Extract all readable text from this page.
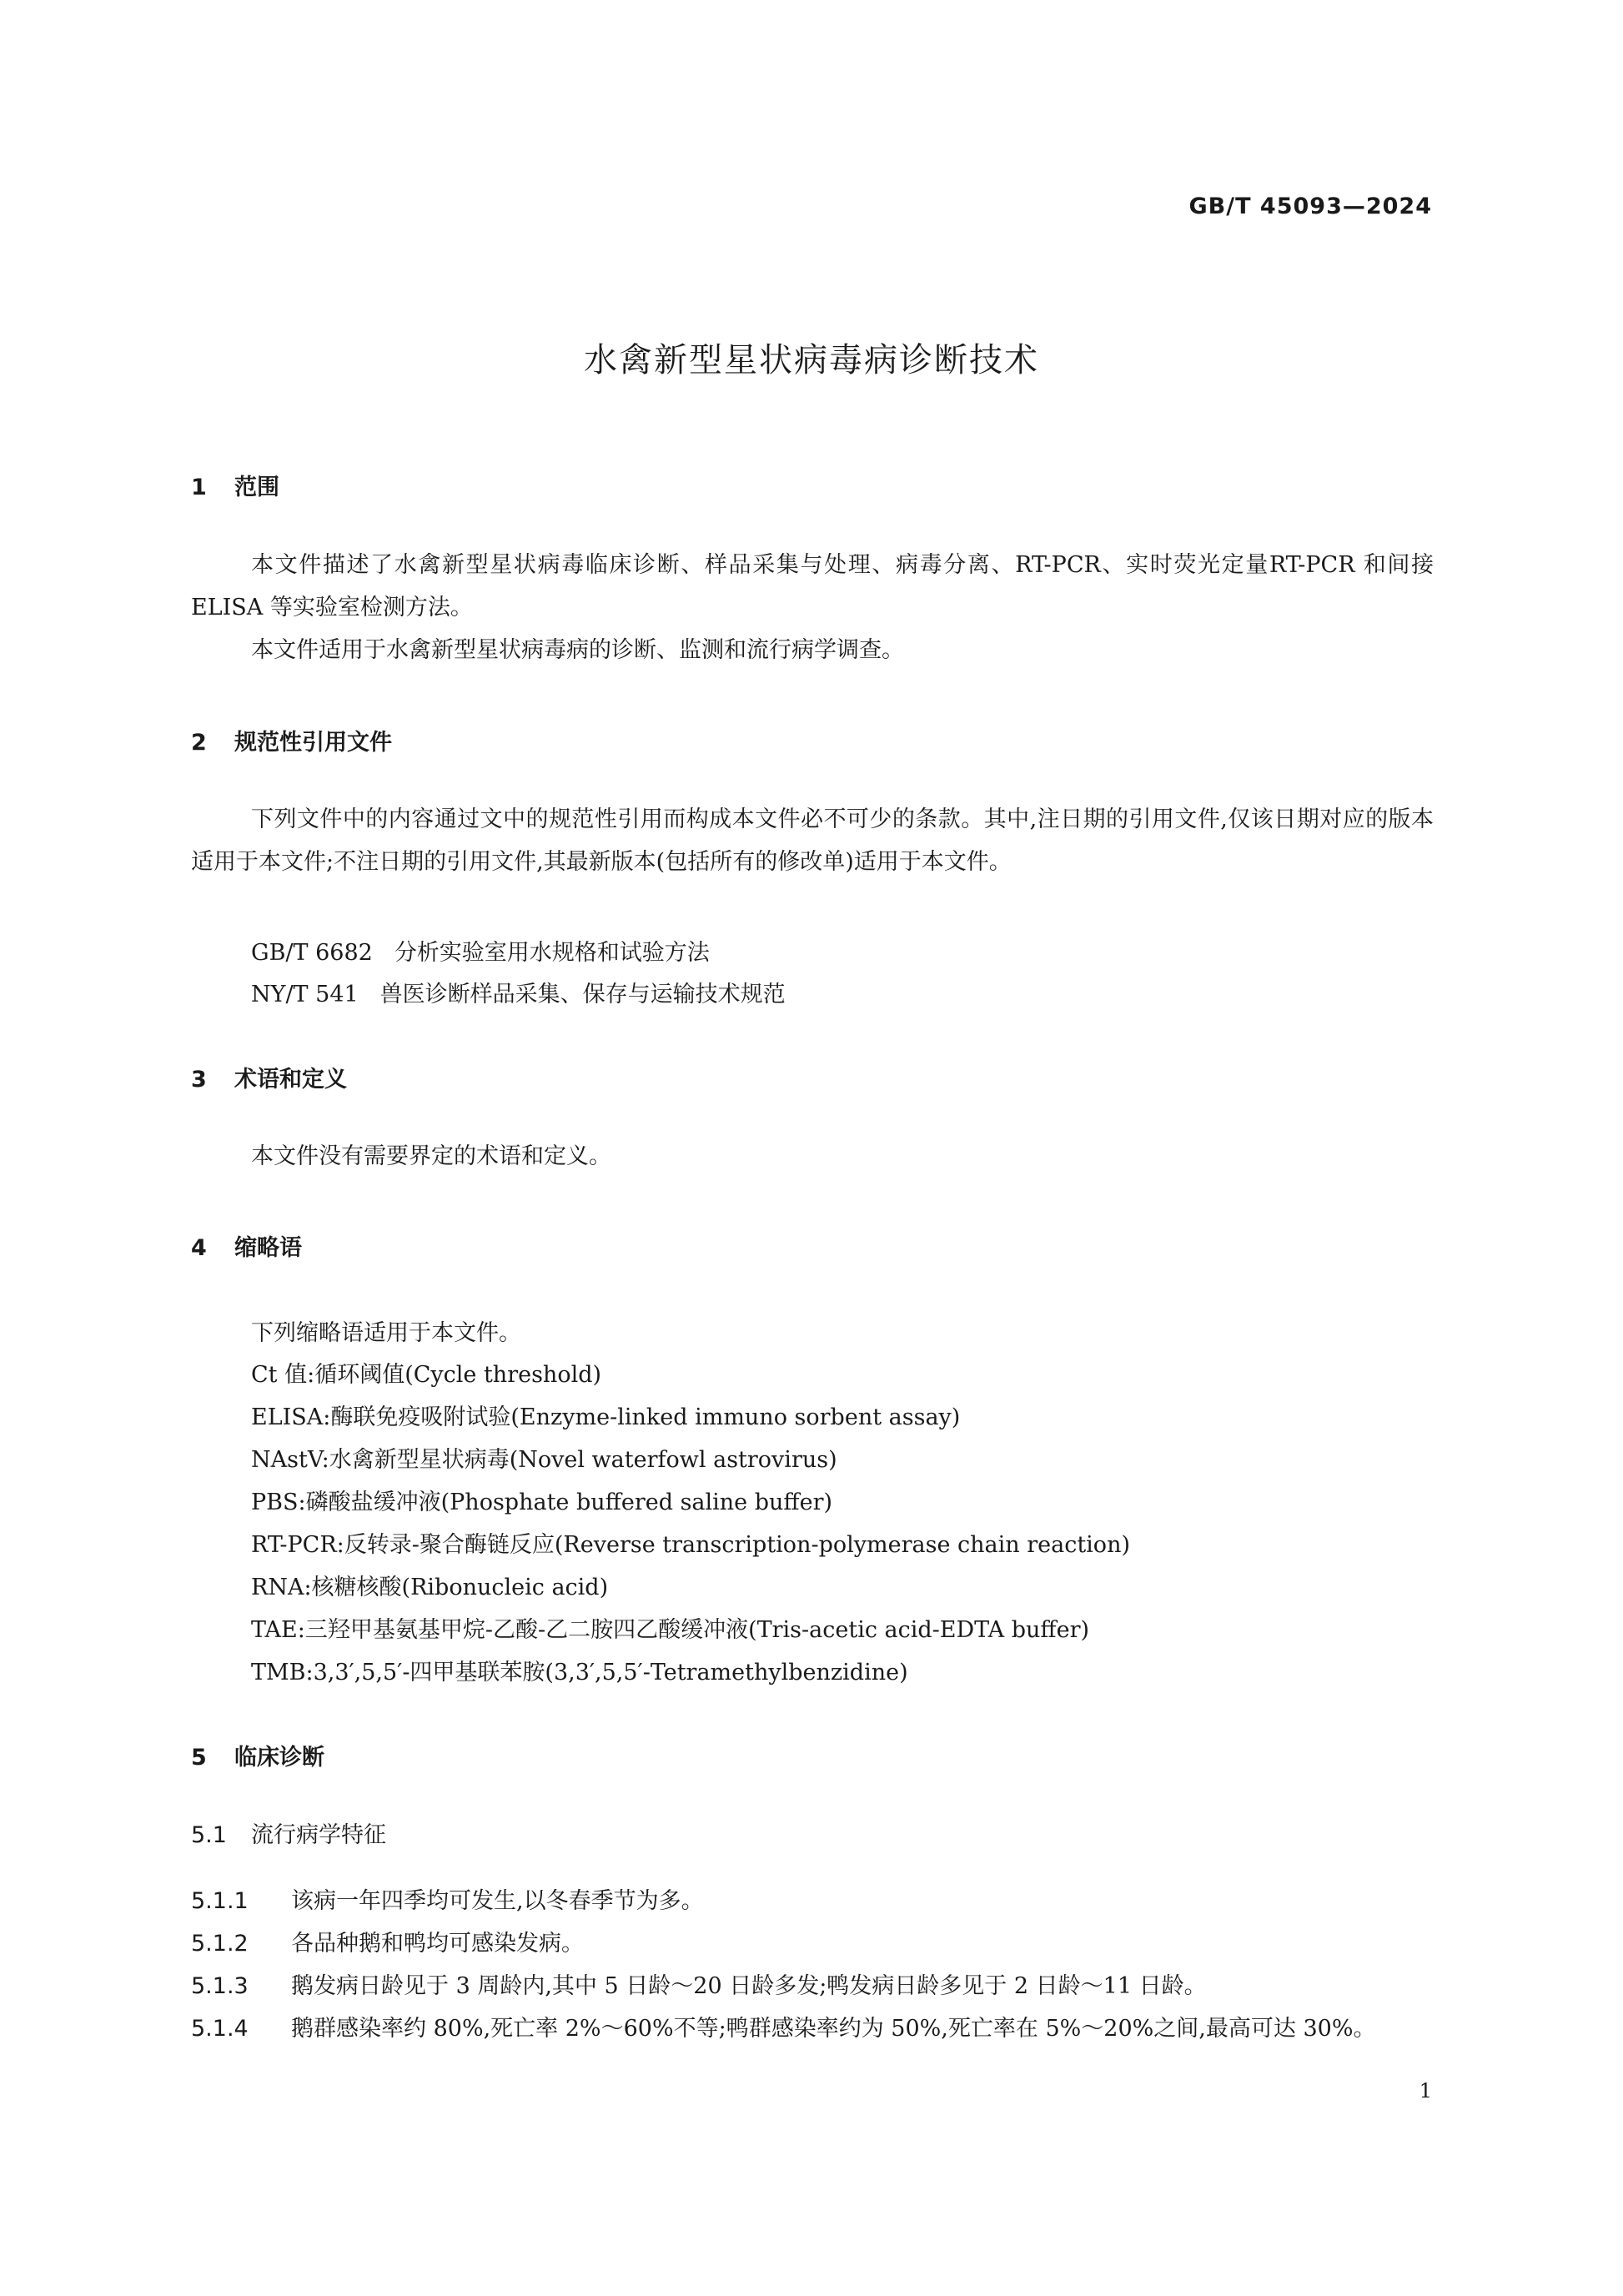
GB/T 45093—2024
水禽新型星状病毒病诊断技术
1 范围

本文件描述了水禽新型星状病毒临床诊断、样品采集与处理、病毒分离、RT-PCR、实时荧光定量RT-PCR 和间接 ELISA 等实验室检测方法。

本文件适用于水禽新型星状病毒病的诊断、监测和流行病学调查。

2 规范性引用文件

下列文件中的内容通过文中的规范性引用而构成本文件必不可少的条款。其中,注日期的引用文件,仅该日期对应的版本适用于本文件;不注日期的引用文件,其最新版本(包括所有的修改单)适用于本文件。

GB/T 6682 分析实验室用水规格和试验方法
NY/T 541 兽医诊断样品采集、保存与运输技术规范
3 术语和定义

本文件没有需要界定的术语和定义。

4 缩略语
下列缩略语适用于本文件。
Ct 值:循环阈值(Cycle threshold)
ELISA:酶联免疫吸附试验(Enzyme-linked immuno sorbent assay)
NAstV:水禽新型星状病毒(Novel waterfowl astrovirus)
PBS:磷酸盐缓冲液(Phosphate buffered saline buffer)
RT-PCR:反转录-聚合酶链反应(Reverse transcription-polymerase chain reaction)
RNA:核糖核酸(Ribonucleic acid)
TAE:三羟甲基氨基甲烷-乙酸-乙二胺四乙酸缓冲液(Tris-acetic acid-EDTA buffer)
TMB:3,3′,5,5′-四甲基联苯胺(3,3′,5,5′-Tetramethylbenzidine)
5 临床诊断
5.1 流行病学特征

5.1.1 该病一年四季均可发生,以冬春季节为多。

5.1.2 各品种鹅和鸭均可感染发病。

5.1.3 鹅发病日龄见于 3 周龄内,其中 5 日龄～20 日龄多发;鸭发病日龄多见于 2 日龄～11 日龄。

5.1.4 鹅群感染率约 80%,死亡率 2%～60%不等;鸭群感染率约为 50%,死亡率在 5%～20%之间,最高可达 30%。

1
